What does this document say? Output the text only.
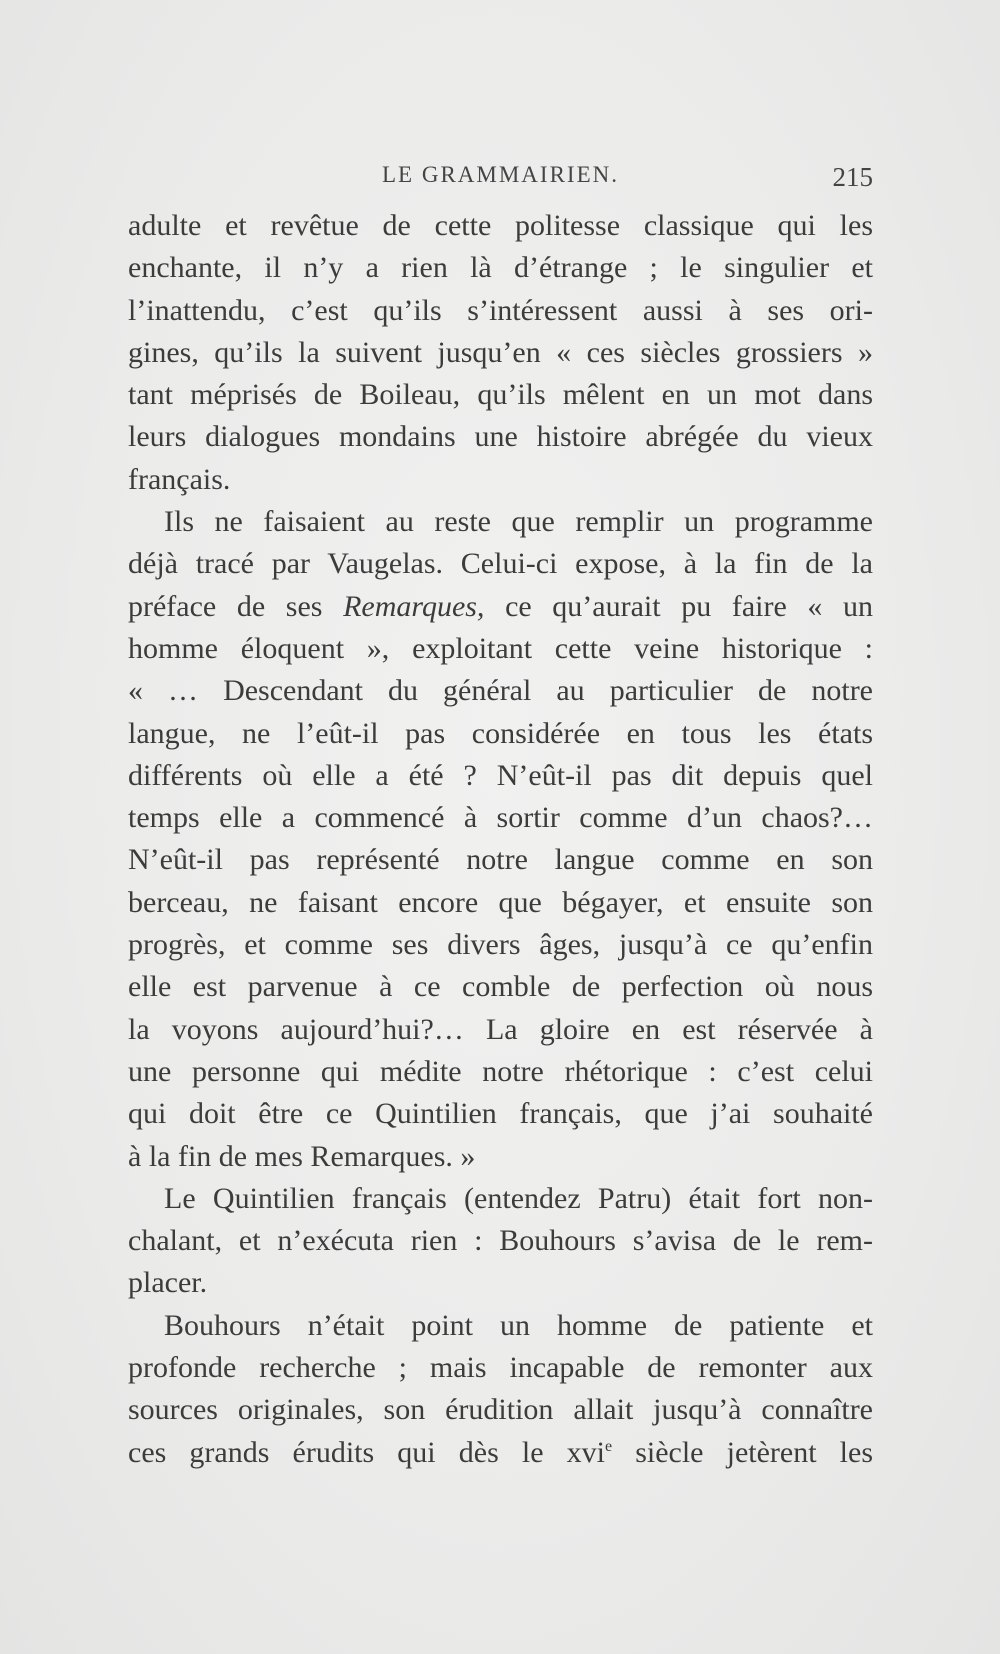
LE GRAMMAIRIEN.	215
adulte et revêtue de cette politesse classique qui les
enchante, il n’y a rien là d’étrange ; le singulier et
l’inattendu, c’est qu’ils s’intéressent aussi à ses ori-
gines, qu’ils la suivent jusqu’en « ces siècles grossiers »
tant méprisés de Boileau, qu’ils mêlent en un mot dans
leurs dialogues mondains une histoire abrégée du vieux
français.
Ils ne faisaient au reste que remplir un programme
déjà tracé par Vaugelas. Celui-ci expose, à la fin de la
préface de ses Remarques, ce qu’aurait pu faire « un
homme éloquent », exploitant cette veine historique :
« … Descendant du général au particulier de notre
langue, ne l’eût-il pas considérée en tous les états
différents où elle a été ? N’eût-il pas dit depuis quel
temps elle a commencé à sortir comme d’un chaos?…
N’eût-il pas représenté notre langue comme en son
berceau, ne faisant encore que bégayer, et ensuite son
progrès, et comme ses divers âges, jusqu’à ce qu’enfin
elle est parvenue à ce comble de perfection où nous
la voyons aujourd’hui?… La gloire en est réservée à
une personne qui médite notre rhétorique : c’est celui
qui doit être ce Quintilien français, que j’ai souhaité
à la fin de mes Remarques. »
Le Quintilien français (entendez Patru) était fort non-
chalant, et n’exécuta rien : Bouhours s’avisa de le rem-
placer.
Bouhours n’était point un homme de patiente et
profonde recherche ; mais incapable de remonter aux
sources originales, son érudition allait jusqu’à connaître
ces grands érudits qui dès le xvi$^e$ siècle jetèrent les
